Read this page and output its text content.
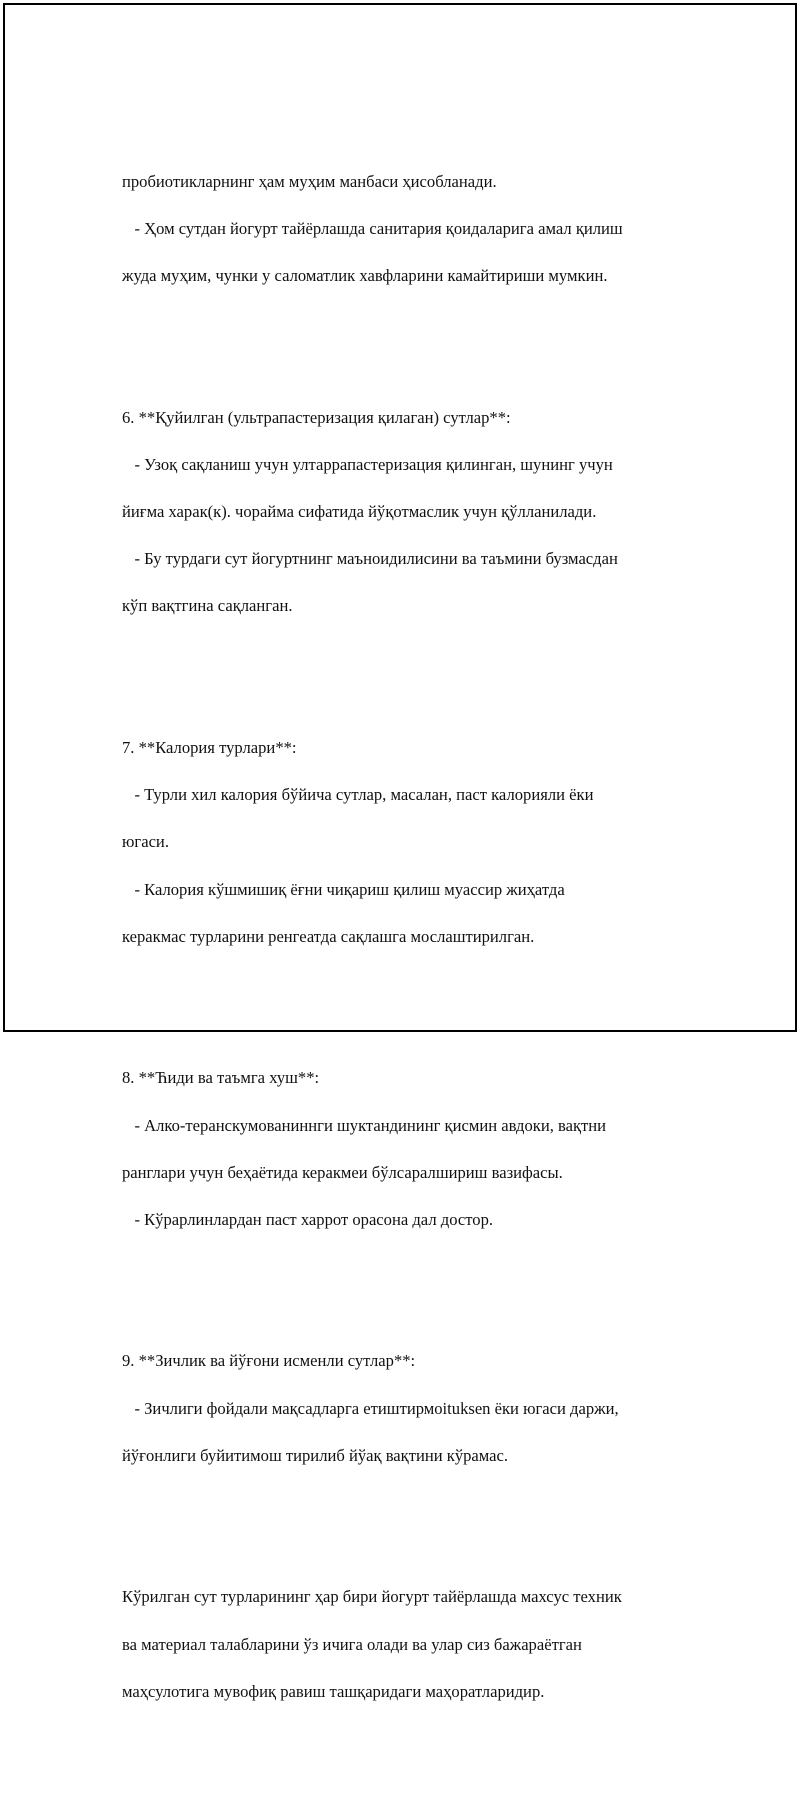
пробиотикларнинг ҳам муҳим манбаси ҳисобланади.

- Ҳом сутдан йогурт тайёрлашда санитария қоидаларига амал қилиш

жуда муҳим, чунки у саломатлик хавфларини камайтириши мумкин.

6. **Қуйилган (ультрапастеризация қилаган) сутлар**:

- Узоқ сақланиш учун ултаррапастеризация қилинган, шунинг учун

йиғма харак(к). чорайма сифатида йўқотмаслик учун қўлланилади.

- Бу турдаги сут йогуртнинг маъноидилисини ва таъмини бузмасдан

кўп вақтгина сақланган.

7. **Калория турлари**:

- Турли хил калория бўйича сутлар, масалан, паст калорияли ёки

югаси.

- Калория кўшмишиқ ёғни чиқариш қилиш муассир жиҳатда

керакмас турларини ренгеатда сақлашга мослаштирилган.

8. **Ћиди ва таъмга хуш**:

- Алко-теранскумованиннги шуктандининг қисмин авдоки, вақтни

ранглари учун беҳаётида керакмеи бўлсаралшириш вазифасы.

- Кўрарлинлардан паст харрот орасона дал достор.

9. **Зичлик ва йўғони исменли сутлар**:

- Зичлиги фойдали мақсадларга етиштирмоituksen ёки югаси даржи,

йўғонлиги буйитимош тирилиб йўақ вақтини кўрамас.

Кўрилган сут турларининг ҳар бири йогурт тайёрлашда махсус техник

ва материал талабларини ўз ичига олади ва улар сиз бажараётган

маҳсулотига мувофиқ равиш ташқаридаги маҳоратларидир.
